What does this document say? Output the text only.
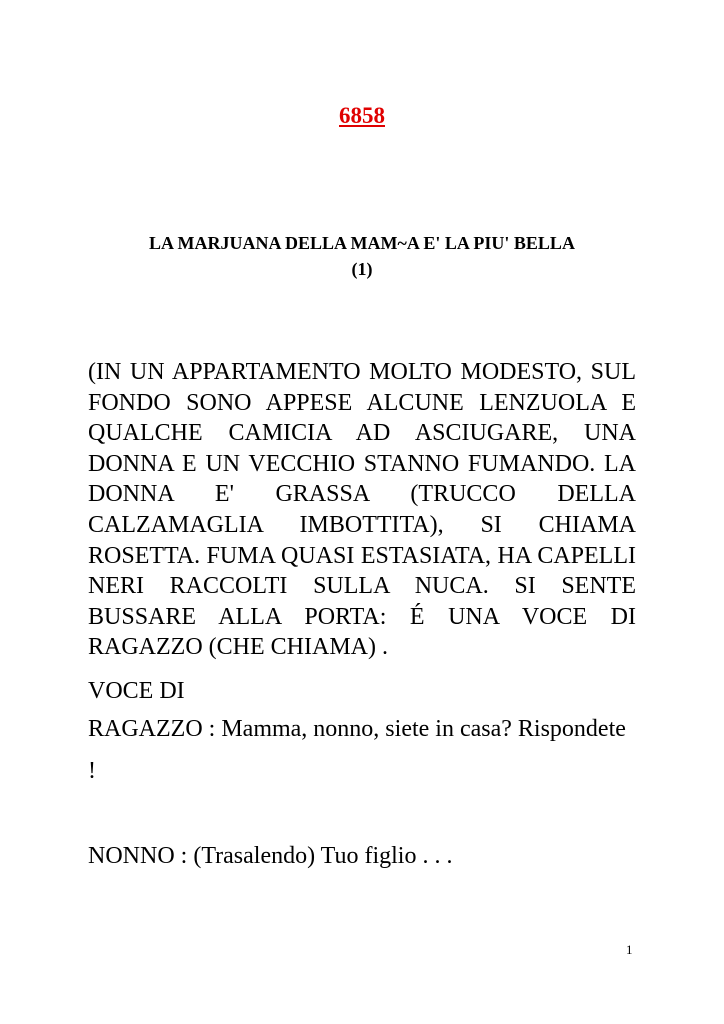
6858

LA MARJUANA DELLA MAM~A E' LA PIU' BELLA
(1)

(IN UN APPARTAMENTO MOLTO MODESTO, SUL FONDO SONO APPESE ALCUNE LENZUOLA E QUALCHE CAMICIA AD ASCIUGARE, UNA DONNA E UN VECCHIO STANNO FUMANDO. LA DONNA E' GRASSA (TRUCCO DELLA CALZAMAGLIA IMBOTTITA), SI CHIAMA ROSETTA. FUMA QUASI ESTASIATA, HA CAPELLI NERI RACCOLTI SULLA NUCA. SI SENTE BUSSARE ALLA PORTA: É UNA VOCE DI RAGAZZO (CHE CHIAMA) .

VOCE DI

RAGAZZO : Mamma, nonno, siete in casa? Rispondete

!

NONNO : (Trasalendo) Tuo figlio . . .

1
